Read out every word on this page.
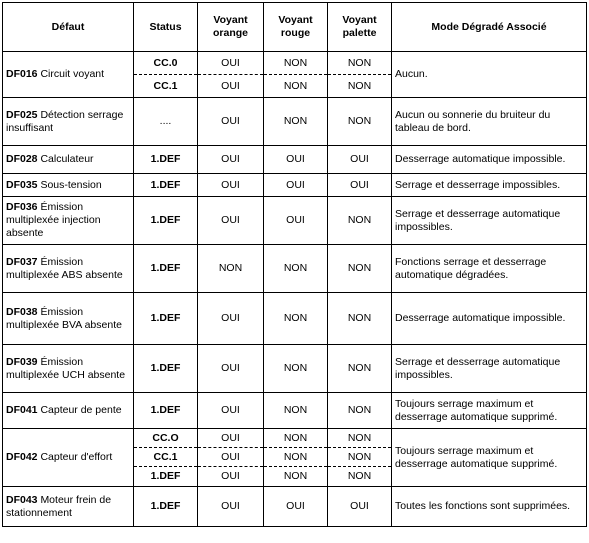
Défaut	Status	Voyant orange	Voyant rouge	Voyant palette	Mode Dégradé Associé
DF016 Circuit voyant	CC.0	OUI	NON	NON	Aucun.
	CC.1	OUI	NON	NON	
DF025 Détection serrage insuffisant	....	OUI	NON	NON	Aucun ou sonnerie du bruiteur du tableau de bord.
DF028 Calculateur	1.DEF	OUI	OUI	OUI	Desserrage automatique impossible.
DF035 Sous-tension	1.DEF	OUI	OUI	OUI	Serrage et desserrage impossibles.
DF036 Émission multiplexée injection absente	1.DEF	OUI	OUI	NON	Serrage et desserrage automatique impossibles.
DF037 Émission multiplexée ABS absente	1.DEF	NON	NON	NON	Fonctions serrage et desserrage automatique dégradées.
DF038 Émission multiplexée BVA absente	1.DEF	OUI	NON	NON	Desserrage automatique impossible.
DF039 Émission multiplexée UCH absente	1.DEF	OUI	NON	NON	Serrage et desserrage automatique impossibles.
DF041 Capteur de pente	1.DEF	OUI	NON	NON	Toujours serrage maximum et desserrage automatique supprimé.
DF042 Capteur d'effort	CC.O	OUI	NON	NON	Toujours serrage maximum et desserrage automatique supprimé.
	CC.1	OUI	NON	NON	
	1.DEF	OUI	NON	NON	
DF043 Moteur frein de stationnement	1.DEF	OUI	OUI	OUI	Toutes les fonctions sont supprimées.
